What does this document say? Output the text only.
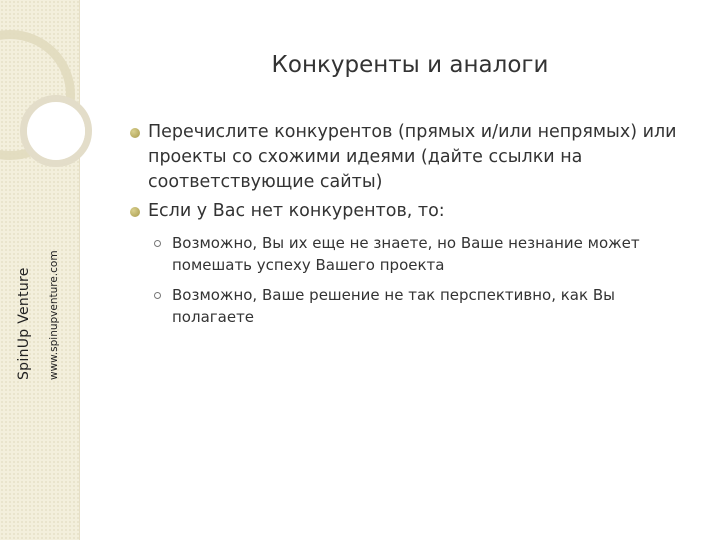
SpinUp Venture www.spinupventure.com
Конкуренты и аналоги
Перечислите конкурентов (прямых и/или непрямых) или проекты со схожими идеями (дайте ссылки на соответствующие сайты)
Если у Вас нет конкурентов, то:
Возможно, Вы их еще не знаете, но Ваше незнание может помешать успеху Вашего проекта
Возможно, Ваше решение не так перспективно, как Вы полагаете
